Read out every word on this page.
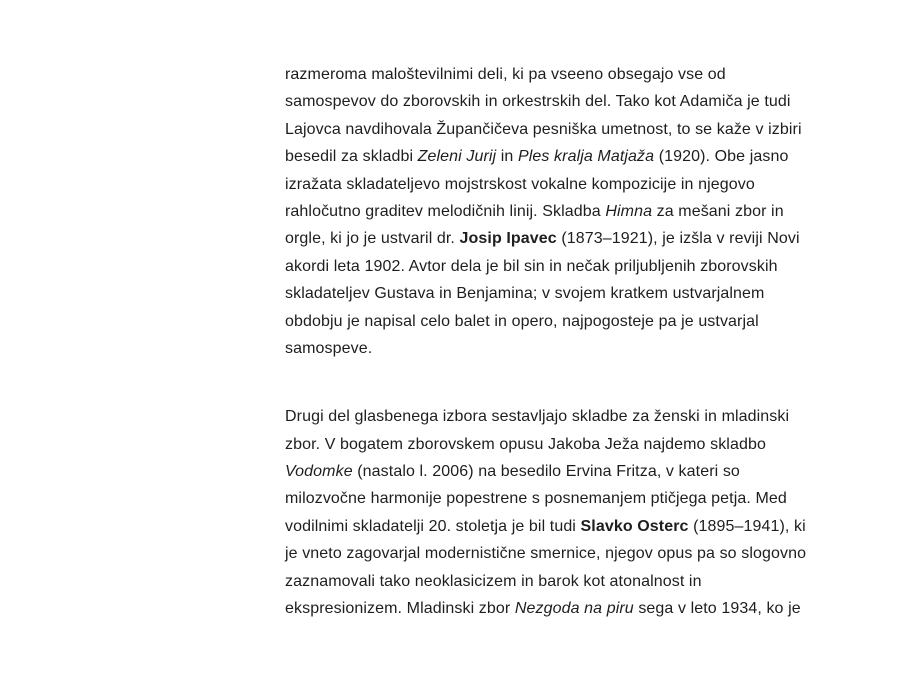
razmeroma maloštevilnimi deli, ki pa vseeno obsegajo vse od
samospevov do zborovskih in orkestrskih del. Tako kot Adamiča je tudi
Lajovca navdihovala Župančičeva pesniška umetnost, to se kaže v izbiri
besedil za skladbi Zeleni Jurij in Ples kralja Matjaža (1920). Obe jasno
izražata skladateljevo mojstrskost vokalne kompozicije in njegovo
rahločutno graditev melodičnih linij. Skladba Himna za mešani zbor in
orgle, ki jo je ustvaril dr. Josip Ipavec (1873–1921), je izšla v reviji Novi
akordi leta 1902. Avtor dela je bil sin in nečak priljubljenih zborovskih
skladateljev Gustava in Benjamina; v svojem kratkem ustvarjalnem
obdobju je napisal celo balet in opero, najpogosteje pa je ustvarjal
samospeve.
Drugi del glasbenega izbora sestavljajo skladbe za ženski in mladinski
zbor. V bogatem zborovskem opusu Jakoba Ježa najdemo skladbo
Vodomke (nastalo l. 2006) na besedilo Ervina Fritza, v kateri so
milozvočne harmonije popestrene s posnemanjem ptičjega petja. Med
vodilnimi skladatelji 20. stoletja je bil tudi Slavko Osterc (1895–1941), ki
je vneto zagovarjal modernistične smernice, njegov opus pa so slogovno
zaznamovali tako neoklasicizem in barok kot atonalnost in
ekspresionizem. Mladinski zbor Nezgoda na piru sega v leto 1934, ko je
